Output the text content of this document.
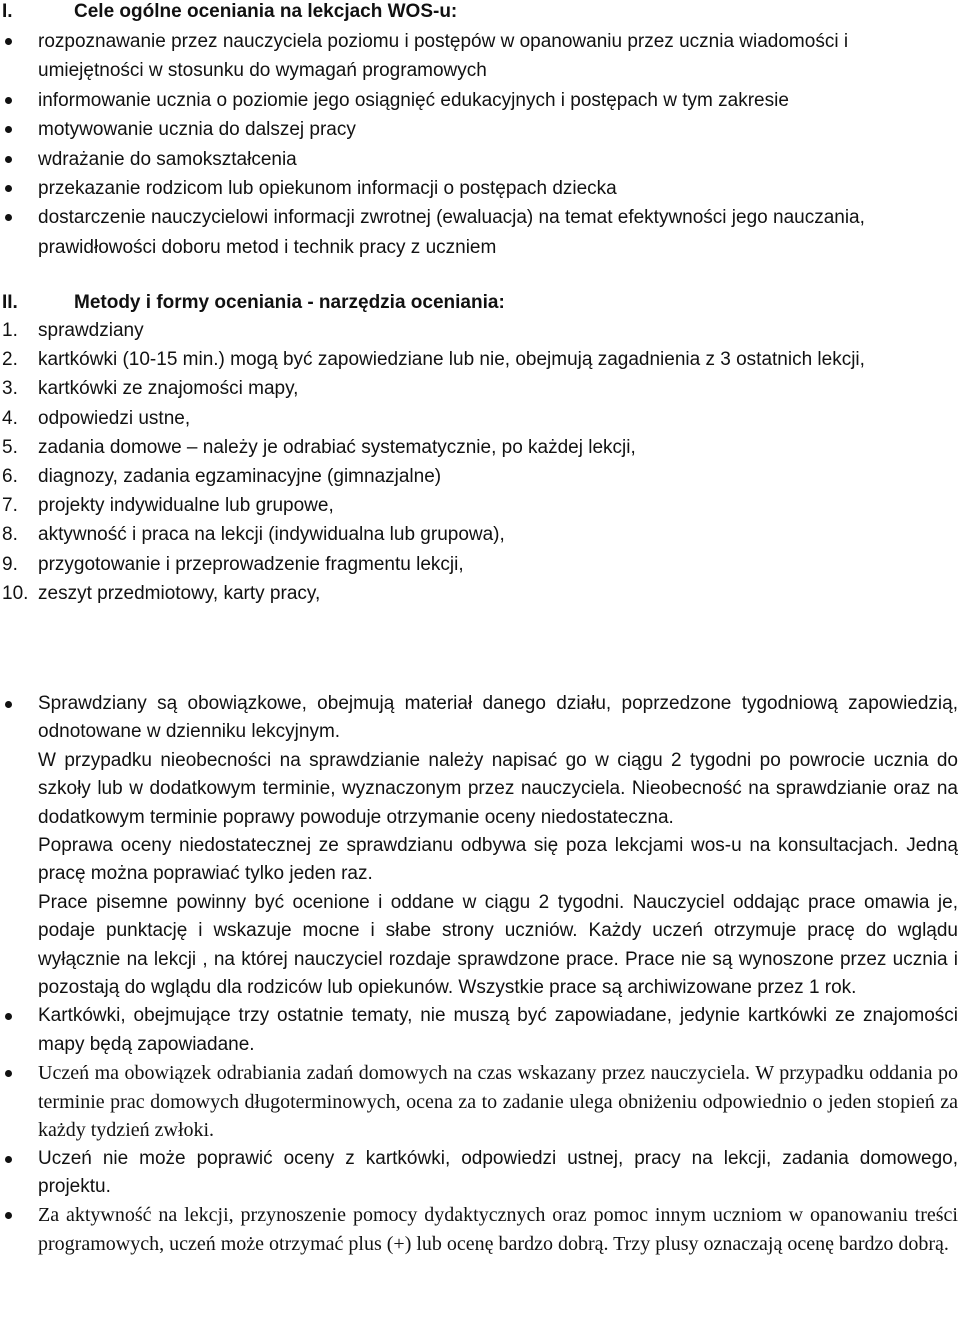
I.	Cele ogólne oceniania na lekcjach WOS-u:
rozpoznawanie przez nauczyciela poziomu i postępów w opanowaniu przez ucznia wiadomości i umiejętności w stosunku do wymagań programowych
informowanie ucznia o poziomie jego osiągnięć edukacyjnych i postępach w tym zakresie
motywowanie ucznia do dalszej pracy
wdrażanie do samokształcenia
przekazanie rodzicom lub opiekunom informacji o postępach dziecka
dostarczenie nauczycielowi informacji zwrotnej (ewaluacja) na temat efektywności jego nauczania, prawidłowości doboru metod i technik pracy z uczniem
II.	Metody i formy oceniania - narzędzia oceniania:
1. sprawdziany
2. kartkówki (10-15 min.) mogą być zapowiedziane lub nie, obejmują zagadnienia z 3 ostatnich lekcji,
3. kartkówki ze znajomości mapy,
4. odpowiedzi ustne,
5. zadania domowe – należy je odrabiać systematycznie, po każdej lekcji,
6. diagnozy, zadania egzaminacyjne (gimnazjalne)
7. projekty indywidualne lub grupowe,
8. aktywność i praca na lekcji (indywidualna lub grupowa),
9. przygotowanie i przeprowadzenie fragmentu lekcji,
10. zeszyt przedmiotowy, karty pracy,
Sprawdziany są obowiązkowe, obejmują materiał danego działu, poprzedzone tygodniową zapowiedzią, odnotowane w dzienniku lekcyjnym.
W przypadku nieobecności na sprawdzianie należy napisać go w ciągu 2 tygodni po powrocie ucznia do szkoły lub w dodatkowym terminie, wyznaczonym przez nauczyciela. Nieobecność na sprawdzianie oraz na dodatkowym terminie poprawy powoduje otrzymanie oceny niedostateczna.
Poprawa oceny niedostatecznej ze sprawdzianu odbywa się poza lekcjami wos-u na konsultacjach. Jedną pracę można poprawiać tylko jeden raz.
Prace pisemne powinny być ocenione i oddane w ciągu 2 tygodni. Nauczyciel oddając prace omawia je, podaje punktację i wskazuje mocne i słabe strony uczniów. Każdy uczeń otrzymuje pracę do wglądu wyłącznie na lekcji , na której nauczyciel rozdaje sprawdzone prace. Prace nie są wynoszone przez ucznia i pozostają do wglądu dla rodziców lub opiekunów. Wszystkie prace są archiwizowane przez 1 rok.
Kartkówki, obejmujące trzy ostatnie tematy, nie muszą być zapowiadane, jedynie kartkówki ze znajomości mapy będą zapowiadane.
Uczeń ma obowiązek odrabiania zadań domowych na czas wskazany przez nauczyciela. W przypadku oddania po terminie prac domowych długoterminowych, ocena za to zadanie ulega obniżeniu odpowiednio o jeden stopień za każdy tydzień zwłoki.
Uczeń nie może poprawić oceny z kartkówki, odpowiedzi ustnej, pracy na lekcji, zadania domowego, projektu.
Za aktywność na lekcji, przynoszenie pomocy dydaktycznych oraz pomoc innym uczniom w opanowaniu treści programowych, uczeń może otrzymać plus (+) lub ocenę bardzo dobrą. Trzy plusy oznaczają ocenę bardzo dobrą.
